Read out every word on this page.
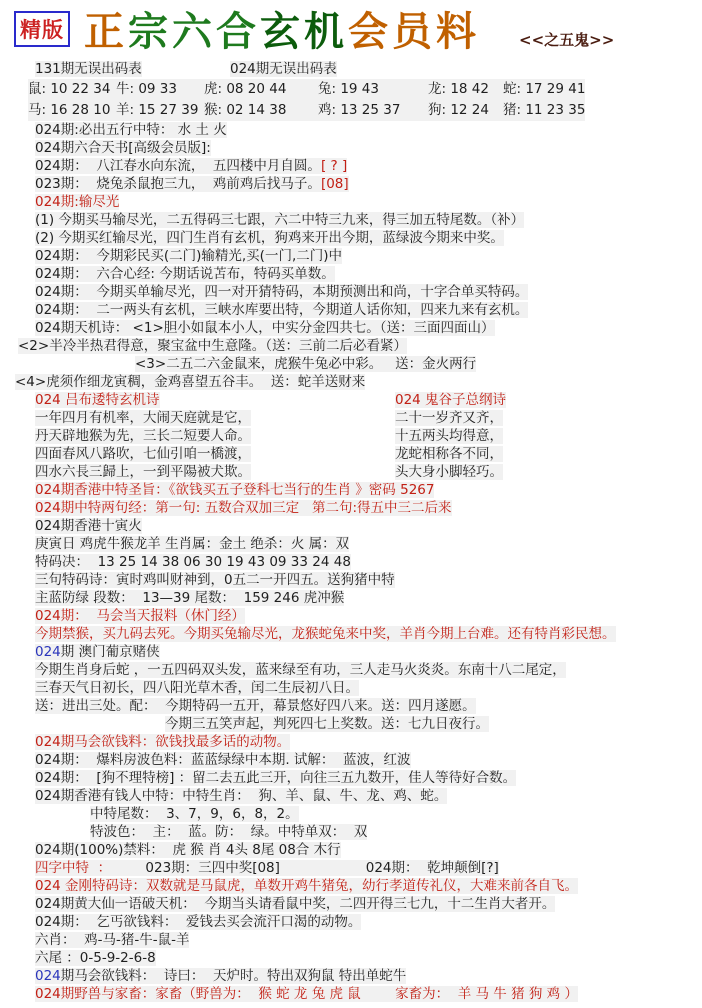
精版 正宗六合玄机会员料	<<之五鬼>>
131期无误出码表	024期无误出码表
鼠: 10 22 34 牛: 09 33	虎: 08 20 44	兔: 19 43	龙: 18 42	蛇: 17 29 41
马: 16 28 10 羊: 15 27 39 猴: 02 14 38	鸡: 13 25 37	狗: 12 24	猪: 11 23 35
024期:必出五行中特： 水 土 火
024期六合天书[高级会员版]:
024期：  八江春水向东流，  五四楼中月自圆。[ ? ]
023期：  烧兔杀鼠抱三九，  鸡前鸡后找马子。[08]
024期:输尽光
(1) 今期买马输尽光，二五得码三七跟，六二中特三九来，得三加五特尾数。（补）
(2) 今期买红输尽光，四门生肖有玄机，狗鸡来开出今期，蓝绿波今期来中奖。
024期：  今期彩民买(二门)输精光,买(一门,二门)中
024期：  六合心经: 今期话说苫布，特码买单数。
024期：  今期买单输尽光，四一对开猜特码，本期预测出和尚，十字合单买特码。
024期：  二一两头有玄机，三峡水库要出特，今期道人话你知，四来九来有玄机。
024期天机诗： <1>胆小如鼠本小人，中实分金四共七。（送：三面四面山）
<2>半冷半热君得意，聚宝盆中生意隆。（送：三前二后必看紧）
<3>二五二六金鼠来，虎猴牛兔必中彩。   送：金火两行
<4>虎须作细龙寅稠，金鸡喜望五谷丰。  送：蛇羊送财来
024 吕布逶特玄机诗
一年四月有机率，大闹天庭就是它，
丹天辟地猴为先，三长二短要人命。
四面春风八路吹，七仙引咱一橋渡，
四水六長三歸上，一到平陽被犬欺。
024 鬼谷子总纲诗
二十一岁齐又齐，
十五两头均得意，
龙蛇相称各不同，
头大身小脚轻巧。
024期香港中特圣旨：《欲钱买五子登科七当行的生肖 》密码 5267
024期中特两句经：第一句: 五数合双加三定   第二句:得五中三二后来
024期香港十寅火
庚寅日 鸡虎牛猴龙羊 生肖属：金土 绝杀：火 属：双
特码决：  13 25 14 38 06 30 19 43 09 33 24 48
三句特码诗：寅时鸡叫财神到，0五二一开四五。送狗猪中特
主蓝防绿 段数：  13—39 尾数：  159 246 虎冲猴
024期：  马会当天报料（休门经）
今期禁猴，买九码去死。今期买兔输尽光，龙猴蛇兔来中奖，羊肖今期上台难。还有特肖彩民想。
024期 澳门葡京赌侠
今期生肖身后蛇 ，一五四码双头发，蓝来绿至有功，三人走马火炎炎。东南十八二尾定，
三春天气日初长，四八阳光草木香，闰二生辰初八日。
送：进出三处。配：  今期特码一五开，幕景悠好四八来。送：四月遂愿。
今期三五笑声起，判死四七上奖数。送：七九日夜行。
024期马会欲钱料：欲钱找最多话的动物。
024期：  爆料房波色料：蓝蓝绿绿中本期. 试解：  蓝波，红波
024期：  [狗不理特榜] ：留二去五此三开，向往三五九数开，佳人等待好合数。
024期香港有钱人中特：中特生肖：  狗、羊、鼠、牛、龙、鸡、蛇。
中特尾数：  3、7，9，6，8，2。
特波色：  主：  蓝。防：  绿。中特单双：  双
024期(100%)禁料：  虎 猴 肖 4头 8尾 08合 木行
四字中特  ：        023期：三四中奖[08]                    024期：  乾坤颠倒[?]
024 金刚特码诗：双数就是马鼠虎，单数开鸡牛猪兔，幼行孝道传礼仪，大难来前各自飞。
024期黄大仙一语破天机：  今期当头请看鼠中奖，二四开得三七九，十二生肖大者开。
024期：  乞丐欲钱料：  爱钱去买会流汗口渴的动物。
六肖：  鸡-马-猪-牛-鼠-羊
六尾 ：0-5-9-2-6-8
024期马会欲钱料：  诗曰：  天炉时。特出双狗鼠 特出单蛇牛
024期野兽与家畜：家畜（野兽为：  猴 蛇 龙 兔 虎 鼠        家畜为：  羊 马 牛 猪 狗 鸡 ）
